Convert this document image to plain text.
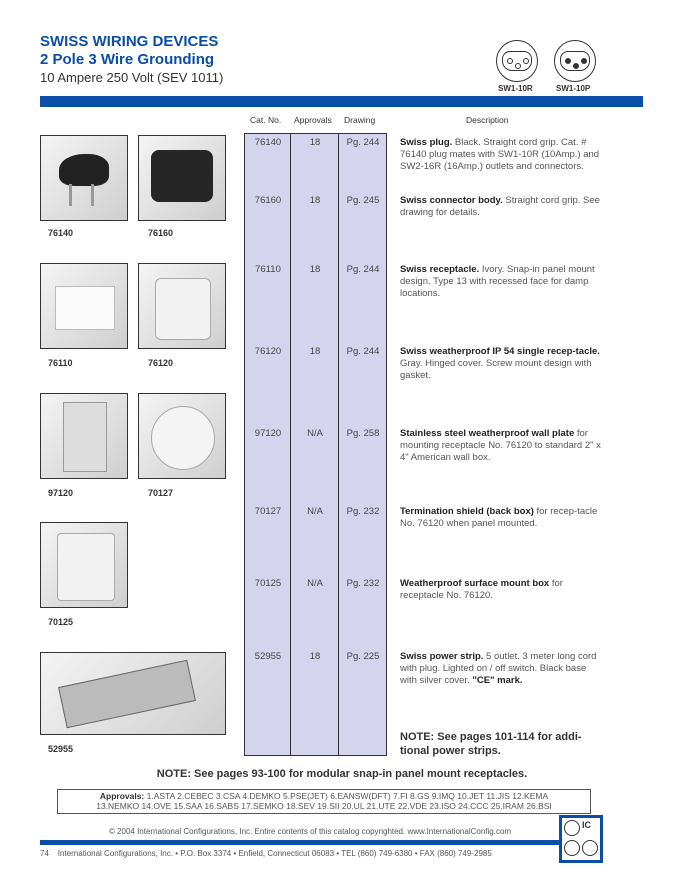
SWISS WIRING DEVICES
2 Pole 3 Wire Grounding
10 Ampere 250 Volt (SEV 1011)
SW1-10R	SW1-10P
Cat. No. Approvals Drawing	Description
76140	18	Pg. 244	Swiss plug. Black. Straight cord grip. Cat. # 76140 plug mates with SW1-10R (10Amp.) and SW2-16R (16Amp.) outlets and connectors.
76160	18	Pg. 245	Swiss connector body. Straight cord grip. See drawing for details.
76110	18	Pg. 244	Swiss receptacle. Ivory. Snap-in panel mount design. Type 13 with recessed face for damp locations.
76120	18	Pg. 244	Swiss weatherproof IP 54 single recep-tacle. Gray. Hinged cover. Screw mount design with gasket.
97120	N/A	Pg. 258	Stainless steel weatherproof wall plate for mounting receptacle No. 76120 to standard 2" x 4" American wall box.
70127	N/A	Pg. 232	Termination shield (back box) for recep-tacle No. 76120 when panel mounted.
70125	N/A	Pg. 232	Weatherproof surface mount box for receptacle No. 76120.
52955	18	Pg. 225	Swiss power strip. 5 outlet. 3 meter long cord with plug. Lighted on / off switch. Black base with silver cover. "CE" mark.
76140	76160
76110	76120
97120	70127
70125
52955
NOTE: See pages 101-114 for addi-tional power strips.
NOTE: See pages 93-100 for modular snap-in panel mount receptacles.
Approvals: 1.ASTA 2.CEBEC 3.CSA 4.DEMKO 5.PSE(JET) 6.EANSW(DFT) 7.FI 8.GS 9.IMQ 10.JET 11.JIS 12.KEMA
13.NEMKO 14.OVE 15.SAA 16.SABS 17.SEMKO 18.SEV 19.SII 20.UL 21.UTE 22.VDE 23.ISO 24.CCC 25.IRAM 26.BSI
© 2004 International Configurations, Inc. Entire contents of this catalog copyrighted. www.InternationalConfig.com
74 International Configurations, Inc. • P.O. Box 3374 • Enfield, Connecticut 06083 • TEL (860) 749-6380 • FAX (860) 749-2985
IC
